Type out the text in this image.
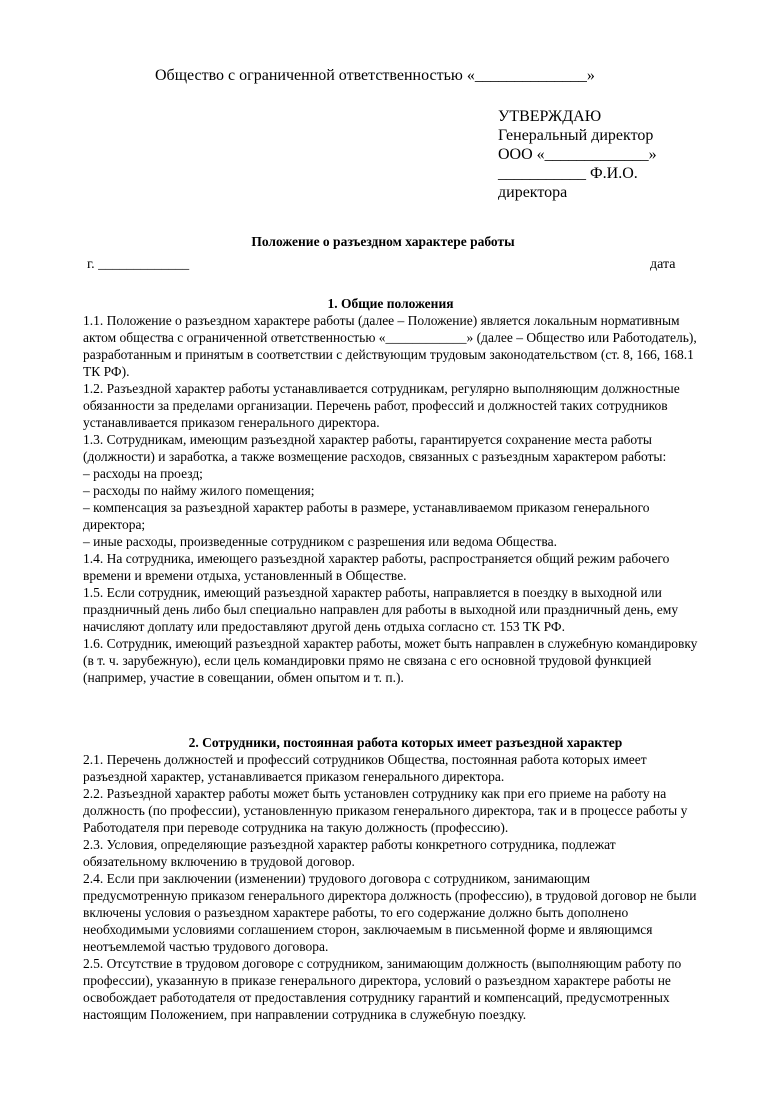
Общество с ограниченной ответственностью «______________»
УТВЕРЖДАЮ
Генеральный директор
ООО «_____________»
___________ Ф.И.О.
директора
Положение о разъездном характере работы
г. _____________	дата
1. Общие положения

1.1. Положение о разъездном характере работы (далее – Положение) является локальным нормативным актом общества с ограниченной ответственностью «____________» (далее – Общество или Работодатель), разработанным и принятым в соответствии с действующим трудовым законодательством (ст. 8, 166, 168.1 ТК РФ).

1.2. Разъездной характер работы устанавливается сотрудникам, регулярно выполняющим должностные обязанности за пределами организации. Перечень работ, профессий и должностей таких сотрудников устанавливается приказом генерального директора.

1.3. Сотрудникам, имеющим разъездной характер работы, гарантируется сохранение места работы (должности) и заработка, а также возмещение расходов, связанных с разъездным характером работы:

– расходы на проезд;

– расходы по найму жилого помещения;

– компенсация за разъездной характер работы в размере, устанавливаемом приказом генерального директора;

– иные расходы, произведенные сотрудником с разрешения или ведома Общества.

1.4. На сотрудника, имеющего разъездной характер работы, распространяется общий режим рабочего времени и времени отдыха, установленный в Обществе.

1.5. Если сотрудник, имеющий разъездной характер работы, направляется в поездку в выходной или праздничный день либо был специально направлен для работы в выходной или праздничный день, ему начисляют доплату или предоставляют другой день отдыха согласно ст. 153 ТК РФ.

1.6. Сотрудник, имеющий разъездной характер работы, может быть направлен в служебную командировку (в т. ч. зарубежную), если цель командировки прямо не связана с его основной трудовой функцией (например, участие в совещании, обмен опытом и т. п.).

2. Сотрудники, постоянная работа которых имеет разъездной характер

2.1. Перечень должностей и профессий сотрудников Общества, постоянная работа которых имеет разъездной характер, устанавливается приказом генерального директора.

2.2. Разъездной характер работы может быть установлен сотруднику как при его приеме на работу на должность (по профессии), установленную приказом генерального директора, так и в процессе работы у Работодателя при переводе сотрудника на такую должность (профессию).

2.3. Условия, определяющие разъездной характер работы конкретного сотрудника, подлежат обязательному включению в трудовой договор.

2.4. Если при заключении (изменении) трудового договора с сотрудником, занимающим предусмотренную приказом генерального директора должность (профессию), в трудовой договор не были включены условия о разъездном характере работы, то его содержание должно быть дополнено необходимыми условиями соглашением сторон, заключаемым в письменной форме и являющимся неотъемлемой частью трудового договора.

2.5. Отсутствие в трудовом договоре с сотрудником, занимающим должность (выполняющим работу по профессии), указанную в приказе генерального директора, условий о разъездном характере работы не освобождает работодателя от предоставления сотруднику гарантий и компенсаций, предусмотренных настоящим Положением, при направлении сотрудника в служебную поездку.
